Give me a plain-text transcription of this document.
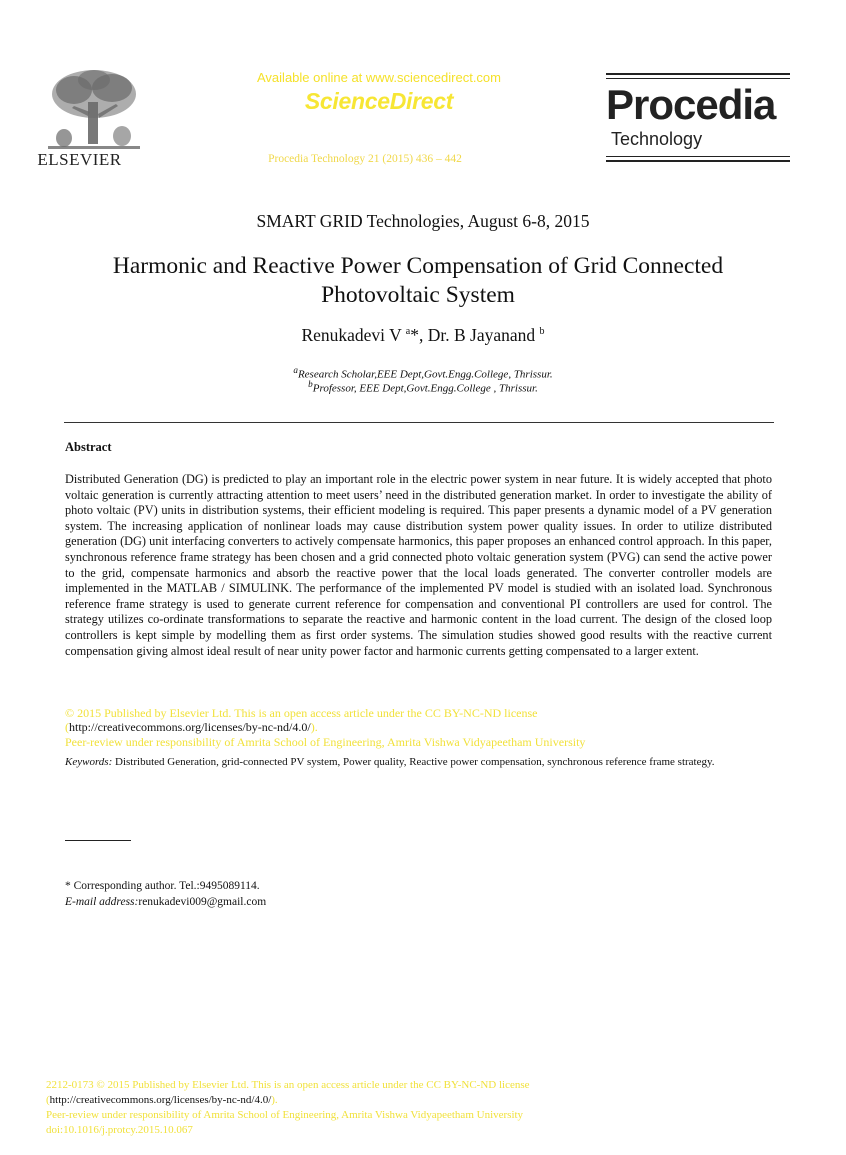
ELSEVIER
Available online at www.sciencedirect.com
ScienceDirect
Procedia Technology 21 (2015) 436 – 442
Procedia
Technology
SMART GRID Technologies, August 6-8, 2015
Harmonic and Reactive Power Compensation of Grid Connected Photovoltaic System
Renukadevi V $^a$*, Dr. B Jayanand $^b$
$^a$Research Scholar,EEE Dept,Govt.Engg.College, Thrissur.
$^b$Professor, EEE Dept,Govt.Engg.College , Thrissur.
Abstract
Distributed Generation (DG) is predicted to play an important role in the electric power system in near future. It is widely accepted that photo voltaic generation is currently attracting attention to meet users’ need in the distributed generation market. In order to investigate the ability of photo voltaic (PV) units in distribution systems, their efficient modeling is required. This paper presents a dynamic model of a PV generation system. The increasing application of nonlinear loads may cause distribution system power quality issues. In order to utilize distributed generation (DG) unit interfacing converters to actively compensate harmonics, this paper proposes an enhanced control approach. In this paper, synchronous reference frame strategy has been chosen and a grid connected photo voltaic generation system (PVG) can send the active power to the grid, compensate harmonics and absorb the reactive power that the local loads generated. The converter controller models are implemented in the MATLAB / SIMULINK. The performance of the implemented PV model is studied with an isolated load. Synchronous reference frame strategy is used to generate current reference for compensation and conventional PI controllers are used for control. The strategy utilizes co-ordinate transformations to separate the reactive and harmonic content in the load current. The design of the closed loop controllers is kept simple by modelling them as first order systems. The simulation studies showed good results with the reactive current compensation giving almost ideal result of near unity power factor and harmonic currents getting compensated to a larger extent.
© 2015 Published by Elsevier Ltd. This is an open access article under the CC BY-NC-ND license
(http://creativecommons.org/licenses/by-nc-nd/4.0/).
Peer-review under responsibility of Amrita School of Engineering, Amrita Vishwa Vidyapeetham University
Keywords: Distributed Generation, grid-connected PV system, Power quality, Reactive power compensation, synchronous reference frame strategy.
* Corresponding author. Tel.:9495089114.
E-mail address:renukadevi009@gmail.com
2212-0173 © 2015 Published by Elsevier Ltd. This is an open access article under the CC BY-NC-ND license
(http://creativecommons.org/licenses/by-nc-nd/4.0/).
Peer-review under responsibility of Amrita School of Engineering, Amrita Vishwa Vidyapeetham University
doi:10.1016/j.protcy.2015.10.067
